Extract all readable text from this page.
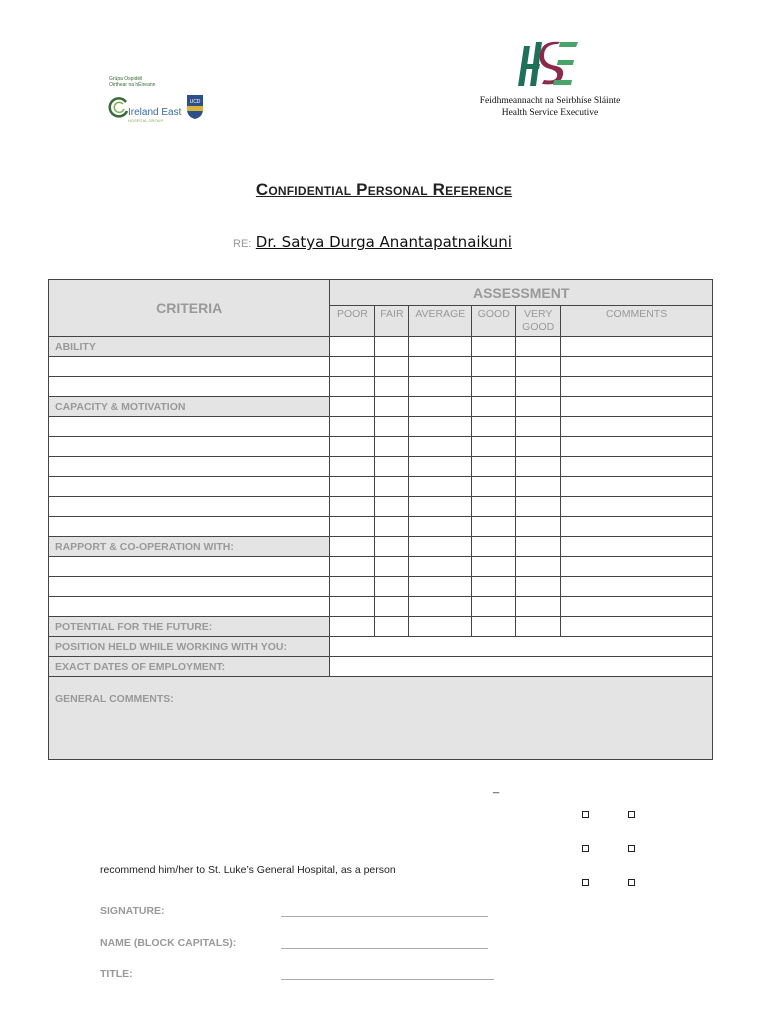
Grúpa Ospidéil
Oirthear na hÉireann
Ireland East
HOSPITAL GROUP
UCD	Feidhmeannacht na Seirbhíse Sláinte
Health Service Executive
Confidential Personal Reference
RE: Dr. Satya Durga Anantapatnaikuni
CRITERIA	ASSESSMENT					
	POOR	FAIR	AVERAGE	GOOD	VERY
GOOD	COMMENTS
ABILITY						

CAPACITY & MOTIVATION						

RAPPORT & CO-OPERATION WITH:						

POTENTIAL FOR THE FUTURE:						
POSITION HELD WHILE WORKING WITH YOU:						
EXACT DATES OF EMPLOYMENT:						
GENERAL COMMENTS:						
_
recommend him/her to St. Luke’s General Hospital, as a person
SIGNATURE:
NAME (BLOCK CAPITALS):
TITLE:
